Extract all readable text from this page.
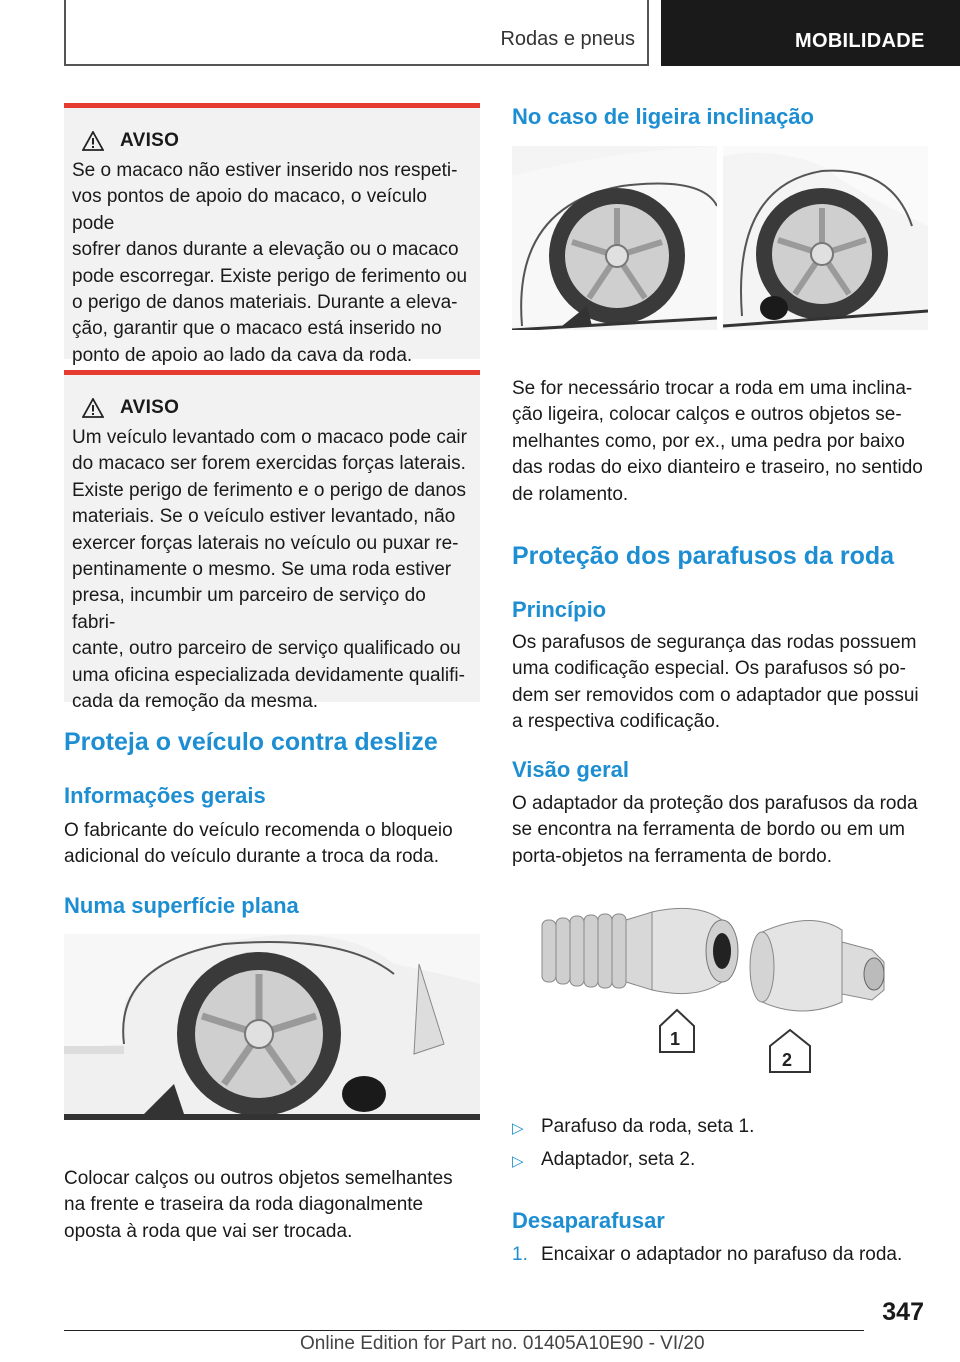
Rodas e pneus	MOBILIDADE
AVISO
Se o macaco não estiver inserido nos respeti-
vos pontos de apoio do macaco, o veículo pode
sofrer danos durante a elevação ou o macaco
pode escorregar. Existe perigo de ferimento ou
o perigo de danos materiais. Durante a eleva-
ção, garantir que o macaco está inserido no
ponto de apoio ao lado da cava da roda.
AVISO
Um veículo levantado com o macaco pode cair
do macaco ser forem exercidas forças laterais.
Existe perigo de ferimento e o perigo de danos
materiais. Se o veículo estiver levantado, não
exercer forças laterais no veículo ou puxar re-
pentinamente o mesmo. Se uma roda estiver
presa, incumbir um parceiro de serviço do fabri-
cante, outro parceiro de serviço qualificado ou
uma oficina especializada devidamente qualifi-
cada da remoção da mesma.
Proteja o veículo contra deslize
Informações gerais
O fabricante do veículo recomenda o bloqueio
adicional do veículo durante a troca da roda.
Numa superfície plana
Colocar calços ou outros objetos semelhantes
na frente e traseira da roda diagonalmente
oposta à roda que vai ser trocada.
No caso de ligeira inclinação
Se for necessário trocar a roda em uma inclina-
ção ligeira, colocar calços e outros objetos se-
melhantes como, por ex., uma pedra por baixo
das rodas do eixo dianteiro e traseiro, no sentido
de rolamento.
Proteção dos parafusos da roda
Princípio
Os parafusos de segurança das rodas possuem
uma codificação especial. Os parafusos só po-
dem ser removidos com o adaptador que possui
a respectiva codificação.
Visão geral
O adaptador da proteção dos parafusos da roda
se encontra na ferramenta de bordo ou em um
porta-objetos na ferramenta de bordo.
1
2
▷ Parafuso da roda, seta 1.
▷ Adaptador, seta 2.
Desaparafusar
1. Encaixar o adaptador no parafuso da roda.
347
Online Edition for Part no. 01405A10E90 - VI/20
